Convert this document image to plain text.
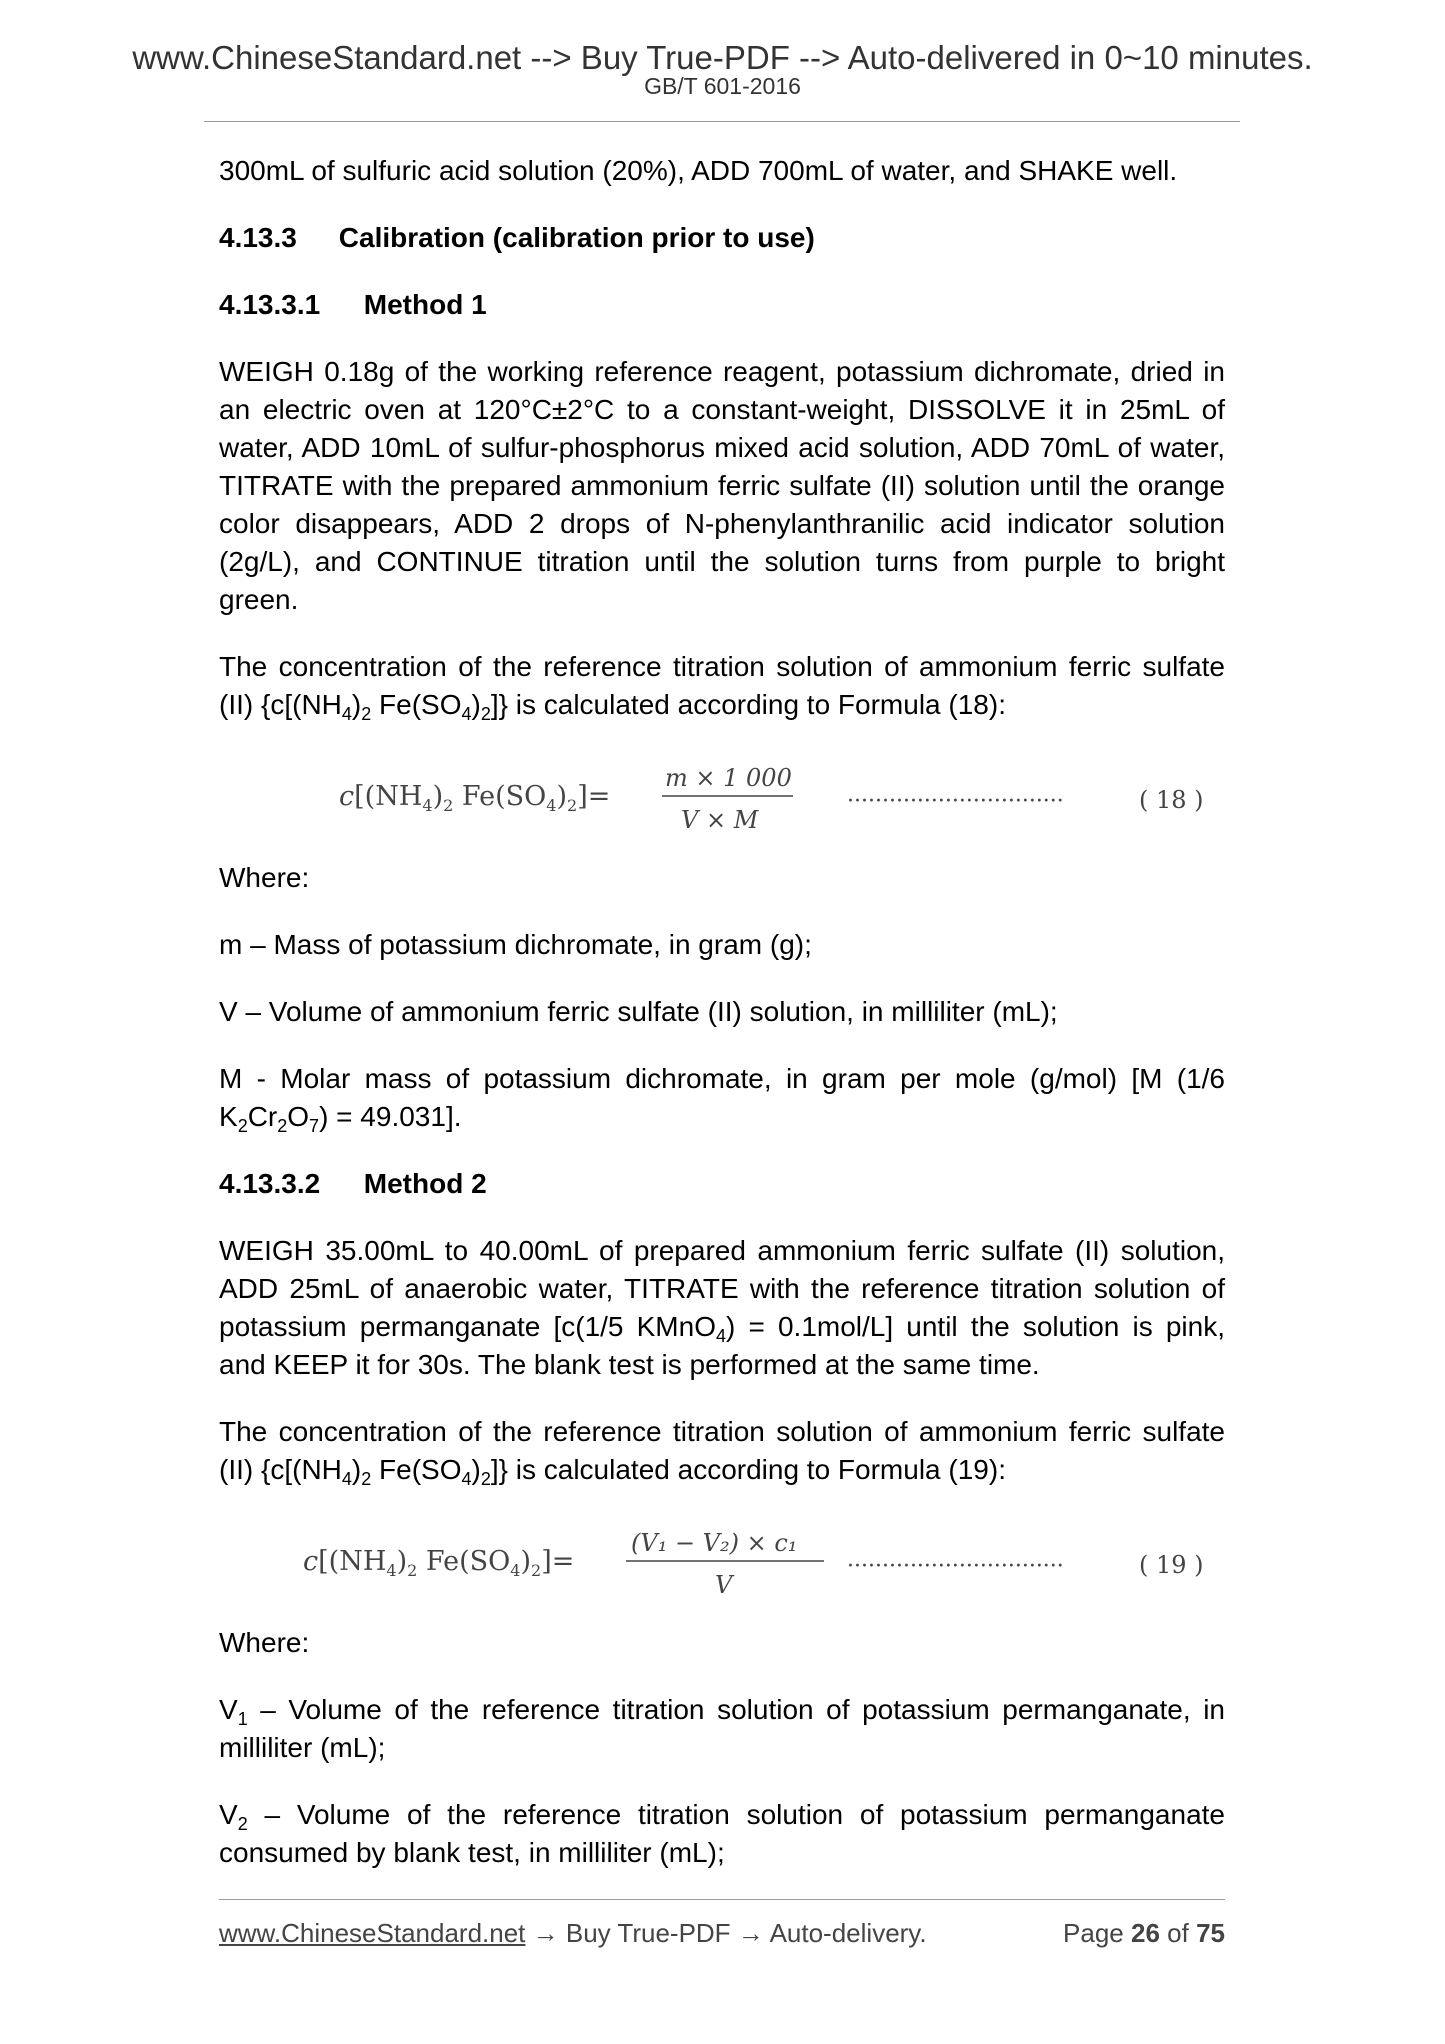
www.ChineseStandard.net --> Buy True-PDF --> Auto-delivered in 0~10 minutes.
GB/T 601-2016

300mL of sulfuric acid solution (20%), ADD 700mL of water, and SHAKE well.

4.13.3 Calibration (calibration prior to use)
4.13.3.1 Method 1

WEIGH 0.18g of the working reference reagent, potassium dichromate, dried in an electric oven at 120°C±2°C to a constant-weight, DISSOLVE it in 25mL of water, ADD 10mL of sulfur-phosphorus mixed acid solution, ADD 70mL of water, TITRATE with the prepared ammonium ferric sulfate (II) solution until the orange color disappears, ADD 2 drops of N-phenylanthranilic acid indicator solution (2g/L), and CONTINUE titration until the solution turns from purple to bright green.

The concentration of the reference titration solution of ammonium ferric sulfate (II) {$c[(NH_4)_2$ $Fe(SO_4)_2$]} is calculated according to Formula (18):

$c[(NH_4)_2$ $Fe(SO_4)_2]=$
m × 1 000
V × M
·······························	( 18 )

Where:

m – Mass of potassium dichromate, in gram (g);

V – Volume of ammonium ferric sulfate (II) solution, in milliliter (mL);

M - Molar mass of potassium dichromate, in gram per mole (g/mol) [M (1/6 $K_2Cr_2O_7) = 49.031$].

4.13.3.2 Method 2

WEIGH 35.00mL to 40.00mL of prepared ammonium ferric sulfate (II) solution, ADD 25mL of anaerobic water, TITRATE with the reference titration solution of potassium permanganate [c(1/5 KMnO$_4$) = 0.1mol/L] until the solution is pink, and KEEP it for 30s. The blank test is performed at the same time.

The concentration of the reference titration solution of ammonium ferric sulfate (II) {$c[(NH_4)_2$ $Fe(SO_4)_2$]} is calculated according to Formula (19):

$c[(NH_4)_2$ $Fe(SO_4)_2]=$
(V₁ − V₂) × c₁
V
·······························	( 19 )

Where:

$V_1$ – Volume of the reference titration solution of potassium permanganate, in milliliter (mL);

$V_2$ – Volume of the reference titration solution of potassium permanganate consumed by blank test, in milliliter (mL);

www.ChineseStandard.net → Buy True-PDF → Auto-delivery.	Page 26 of 75
